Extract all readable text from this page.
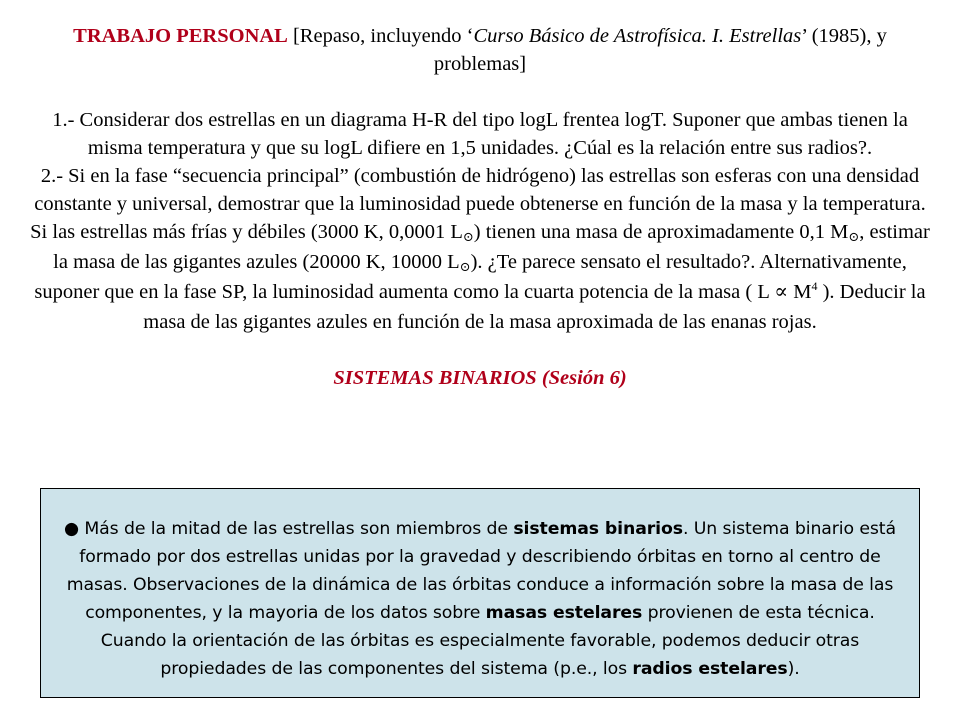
TRABAJO PERSONAL [Repaso, incluyendo ‘Curso Básico de Astrofísica. I. Estrellas’ (1985), y problemas]

1.- Considerar dos estrellas en un diagrama H-R del tipo logL frentea logT. Suponer que ambas tienen la misma temperatura y que su logL difiere en 1,5 unidades. ¿Cúal es la relación entre sus radios?.

2.- Si en la fase “secuencia principal” (combustión de hidrógeno) las estrellas son esferas con una densidad constante y universal, demostrar que la luminosidad puede obtenerse en función de la masa y la temperatura. Si las estrellas más frías y débiles (3000 K, 0,0001 L⊙) tienen una masa de aproximadamente 0,1 M⊙, estimar la masa de las gigantes azules (20000 K, 10000 L⊙). ¿Te parece sensato el resultado?. Alternativamente, suponer que en la fase SP, la luminosidad aumenta como la cuarta potencia de la masa ( $L \propto M^4$ ). Deducir la masa de las gigantes azules en función de la masa aproximada de las enanas rojas.

SISTEMAS BINARIOS (Sesión 6)

● Más de la mitad de las estrellas son miembros de sistemas binarios. Un sistema binario está formado por dos estrellas unidas por la gravedad y describiendo órbitas en torno al centro de masas. Observaciones de la dinámica de las órbitas conduce a información sobre la masa de las componentes, y la mayoria de los datos sobre masas estelares provienen de esta técnica. Cuando la orientación de las órbitas es especialmente favorable, podemos deducir otras propiedades de las componentes del sistema (p.e., los radios estelares).
